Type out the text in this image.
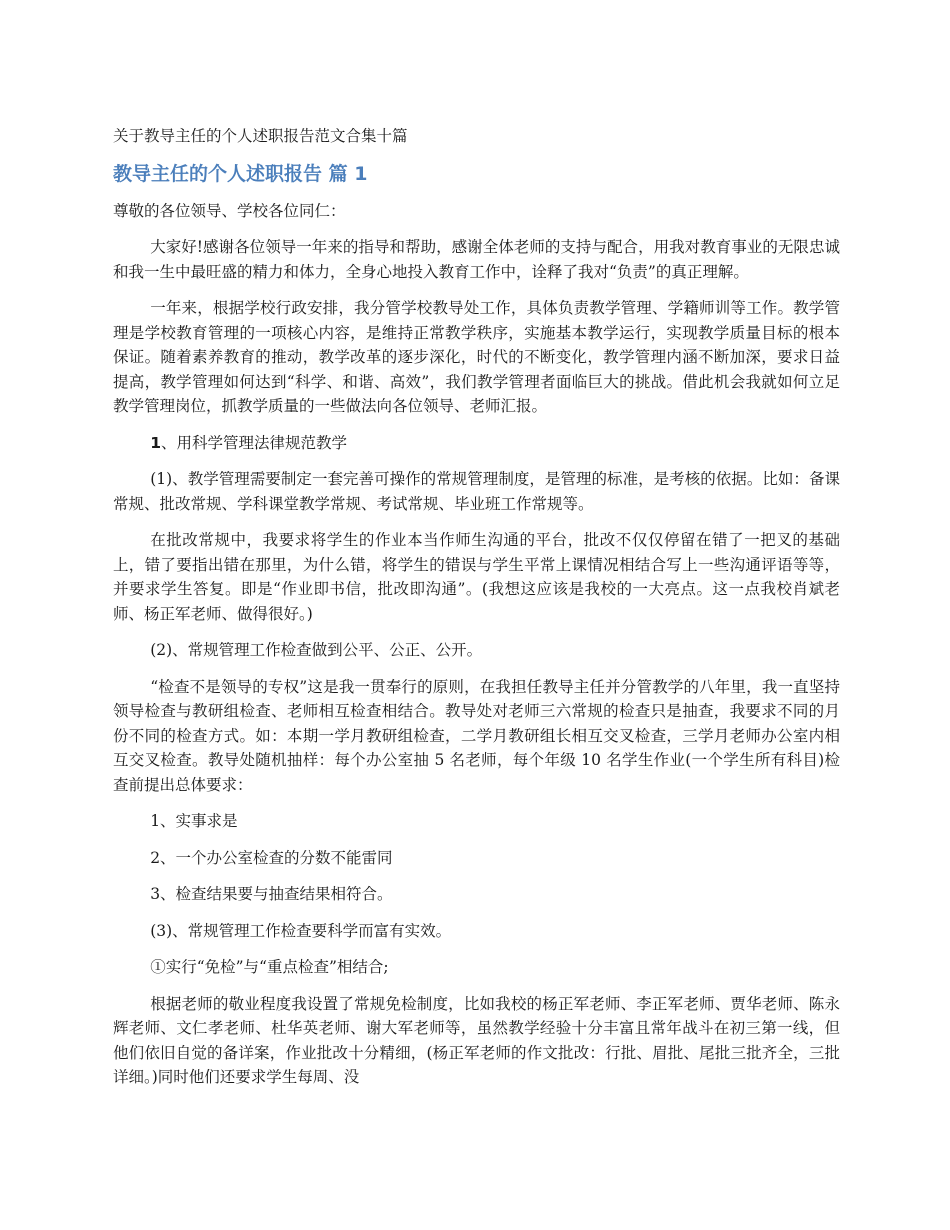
关于教导主任的个人述职报告范文合集十篇

教导主任的个人述职报告 篇 1

尊敬的各位领导、学校各位同仁：

大家好!感谢各位领导一年来的指导和帮助，感谢全体老师的支持与配合，用我对教育事业的无限忠诚和我一生中最旺盛的精力和体力，全身心地投入教育工作中，诠释了我对“负责”的真正理解。

一年来，根据学校行政安排，我分管学校教导处工作，具体负责教学管理、学籍师训等工作。教学管理是学校教育管理的一项核心内容，是维持正常教学秩序，实施基本教学运行，实现教学质量目标的根本保证。随着素养教育的推动，教学改革的逐步深化，时代的不断变化，教学管理内涵不断加深，要求日益提高，教学管理如何达到“科学、和谐、高效”，我们教学管理者面临巨大的挑战。借此机会我就如何立足教学管理岗位，抓教学质量的一些做法向各位领导、老师汇报。

1、用科学管理法律规范教学

(1)、教学管理需要制定一套完善可操作的常规管理制度，是管理的标准，是考核的依据。比如：备课常规、批改常规、学科课堂教学常规、考试常规、毕业班工作常规等。

在批改常规中，我要求将学生的作业本当作师生沟通的平台，批改不仅仅停留在错了一把叉的基础上，错了要指出错在那里，为什么错，将学生的错误与学生平常上课情况相结合写上一些沟通评语等等，并要求学生答复。即是“作业即书信，批改即沟通”。(我想这应该是我校的一大亮点。这一点我校肖斌老师、杨正军老师、做得很好。)

(2)、常规管理工作检查做到公平、公正、公开。

“检查不是领导的专权”这是我一贯奉行的原则，在我担任教导主任并分管教学的八年里，我一直坚持领导检查与教研组检查、老师相互检查相结合。教导处对老师三六常规的检查只是抽查，我要求不同的月份不同的检查方式。如：本期一学月教研组检查，二学月教研组长相互交叉检查，三学月老师办公室内相互交叉检查。教导处随机抽样：每个办公室抽 5 名老师，每个年级 10 名学生作业(一个学生所有科目)检查前提出总体要求：

1、实事求是

2、一个办公室检查的分数不能雷同

3、检查结果要与抽查结果相符合。

(3)、常规管理工作检查要科学而富有实效。

①实行“免检”与“重点检查”相结合;

根据老师的敬业程度我设置了常规免检制度，比如我校的杨正军老师、李正军老师、贾华老师、陈永辉老师、文仁孝老师、杜华英老师、谢大军老师等，虽然教学经验十分丰富且常年战斗在初三第一线，但他们依旧自觉的备详案，作业批改十分精细，(杨正军老师的作文批改：行批、眉批、尾批三批齐全，三批详细。)同时他们还要求学生每周、没
